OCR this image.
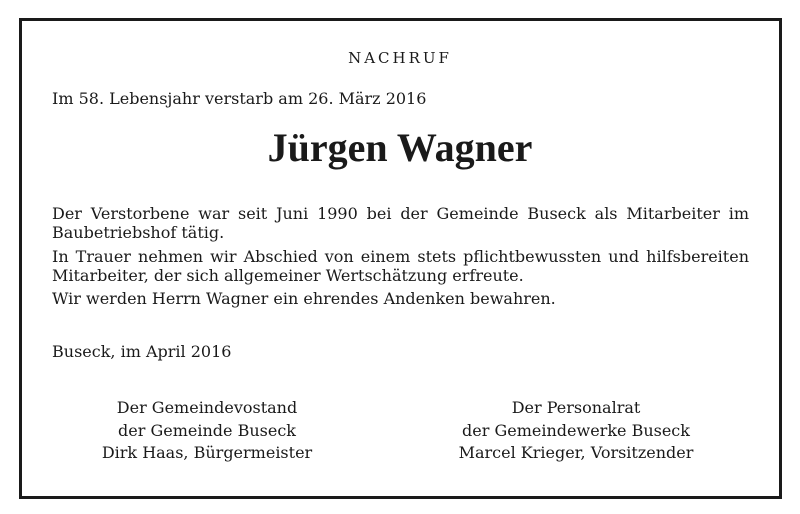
NACHRUF
Im 58. Lebensjahr verstarb am 26. März 2016
Jürgen Wagner
Der Verstorbene war seit Juni 1990 bei der Gemeinde Buseck als Mitarbeiter im Baubetriebshof tätig.
In Trauer nehmen wir Abschied von einem stets pflichtbewussten und hilfsbereiten Mitarbeiter, der sich allgemeiner Wertschätzung erfreute.
Wir werden Herrn Wagner ein ehrendes Andenken bewahren.
Buseck, im April 2016
Der Gemeindevostand
der Gemeinde Buseck
Dirk Haas, Bürgermeister
Der Personalrat
der Gemeindewerke Buseck
Marcel Krieger, Vorsitzender
